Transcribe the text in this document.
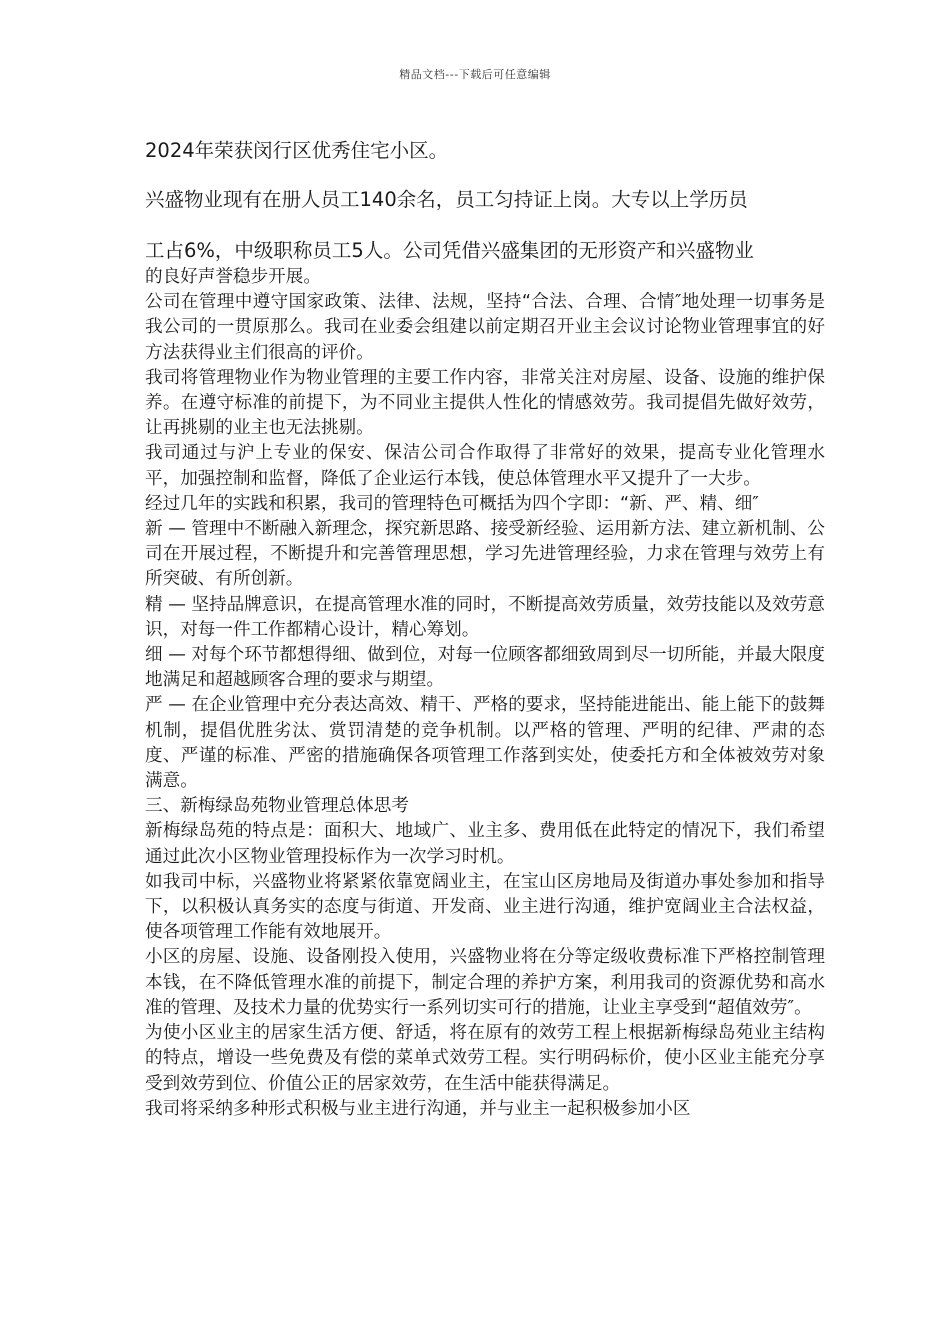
精品文档---下载后可任意编辑
2024年荣获闵行区优秀住宅小区。
兴盛物业现有在册人员工140余名，员工匀持证上岗。大专以上学历员
工占6%，中级职称员工5人。公司凭借兴盛集团的无形资产和兴盛物业

的良好声誉稳步开展。

公司在管理中遵守国家政策、法律、法规，坚持“合法、合理、合情″地处理一切事务是我公司的一贯原那么。我司在业委会组建以前定期召开业主会议讨论物业管理事宜的好方法获得业主们很高的评价。

我司将管理物业作为物业管理的主要工作内容，非常关注对房屋、设备、设施的维护保养。在遵守标准的前提下，为不同业主提供人性化的情感效劳。我司提倡先做好效劳，让再挑剔的业主也无法挑剔。

我司通过与沪上专业的保安、保洁公司合作取得了非常好的效果，提高专业化管理水平，加强控制和监督，降低了企业运行本钱，使总体管理水平又提升了一大步。

经过几年的实践和积累，我司的管理特色可概括为四个字即：“新、严、精、细″

新 — 管理中不断融入新理念，探究新思路、接受新经验、运用新方法、建立新机制、公司在开展过程，不断提升和完善管理思想，学习先进管理经验，力求在管理与效劳上有所突破、有所创新。

精 — 坚持品牌意识，在提高管理水准的同时，不断提高效劳质量，效劳技能以及效劳意识，对每一件工作都精心设计，精心筹划。

细 — 对每个环节都想得细、做到位，对每一位顾客都细致周到尽一切所能，并最大限度地满足和超越顾客合理的要求与期望。

严 — 在企业管理中充分表达高效、精干、严格的要求，坚持能进能出、能上能下的鼓舞机制，提倡优胜劣汰、赏罚清楚的竞争机制。以严格的管理、严明的纪律、严肃的态度、严谨的标准、严密的措施确保各项管理工作落到实处，使委托方和全体被效劳对象满意。

三、新梅绿岛苑物业管理总体思考

新梅绿岛苑的特点是：面积大、地域广、业主多、费用低在此特定的情况下，我们希望通过此次小区物业管理投标作为一次学习时机。

如我司中标，兴盛物业将紧紧依靠宽阔业主，在宝山区房地局及街道办事处参加和指导下，以积极认真务实的态度与街道、开发商、业主进行沟通，维护宽阔业主合法权益，使各项管理工作能有效地展开。

小区的房屋、设施、设备刚投入使用，兴盛物业将在分等定级收费标准下严格控制管理本钱，在不降低管理水准的前提下，制定合理的养护方案，利用我司的资源优势和高水准的管理、及技术力量的优势实行一系列切实可行的措施，让业主享受到“超值效劳″。

为使小区业主的居家生活方便、舒适，将在原有的效劳工程上根据新梅绿岛苑业主结构的特点，增设一些免费及有偿的菜单式效劳工程。实行明码标价，使小区业主能充分享受到效劳到位、价值公正的居家效劳，在生活中能获得满足。

我司将采纳多种形式积极与业主进行沟通，并与业主一起积极参加小区
